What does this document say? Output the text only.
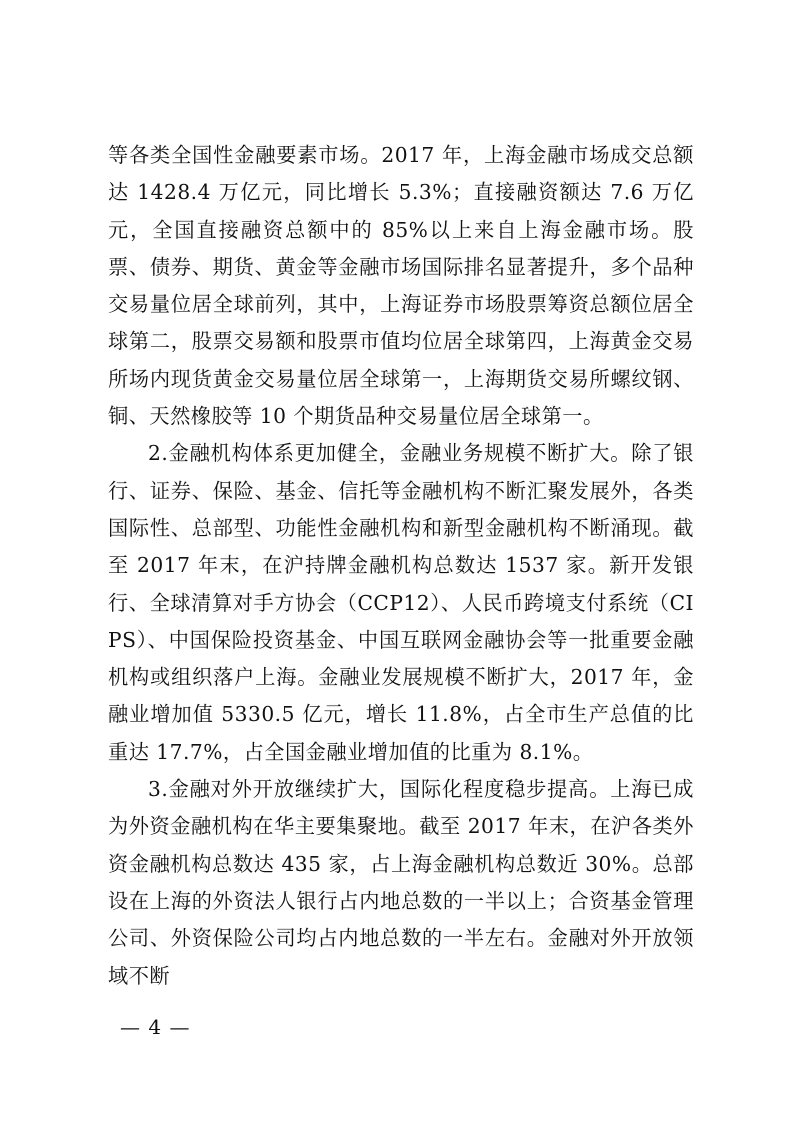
等各类全国性金融要素市场。2017 年，上海金融市场成交总额达 1428.4 万亿元，同比增长 5.3%；直接融资额达 7.6 万亿元，全国直接融资总额中的 85%以上来自上海金融市场。股票、债券、期货、黄金等金融市场国际排名显著提升，多个品种交易量位居全球前列，其中，上海证券市场股票筹资总额位居全球第二，股票交易额和股票市值均位居全球第四，上海黄金交易所场内现货黄金交易量位居全球第一，上海期货交易所螺纹钢、铜、天然橡胶等 10 个期货品种交易量位居全球第一。

2.金融机构体系更加健全，金融业务规模不断扩大。除了银行、证券、保险、基金、信托等金融机构不断汇聚发展外，各类国际性、总部型、功能性金融机构和新型金融机构不断涌现。截至 2017 年末，在沪持牌金融机构总数达 1537 家。新开发银行、全球清算对手方协会（CCP12）、人民币跨境支付系统（CIPS）、中国保险投资基金、中国互联网金融协会等一批重要金融机构或组织落户上海。金融业发展规模不断扩大，2017 年，金融业增加值 5330.5 亿元，增长 11.8%，占全市生产总值的比重达 17.7%，占全国金融业增加值的比重为 8.1%。

3.金融对外开放继续扩大，国际化程度稳步提高。上海已成为外资金融机构在华主要集聚地。截至 2017 年末，在沪各类外资金融机构总数达 435 家，占上海金融机构总数近 30%。总部设在上海的外资法人银行占内地总数的一半以上；合资基金管理公司、外资保险公司均占内地总数的一半左右。金融对外开放领域不断

— 4 —
